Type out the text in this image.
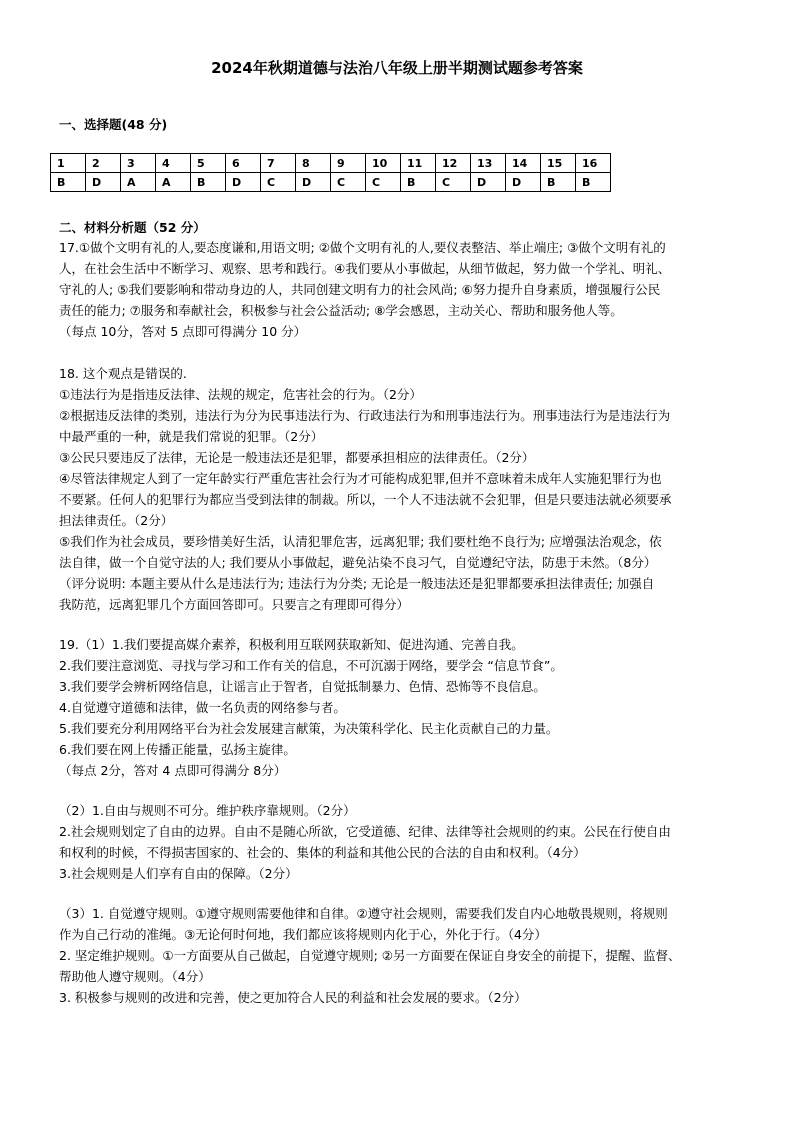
2024年秋期道德与法治八年级上册半期测试题参考答案
一、选择题(48 分)
1	2	3	4	5	6	7	8	9	10	11	12	13	14	15	16
B	D	A	A	B	D	C	D	C	C	B	C	D	D	B	B
二、材料分析题（52 分）
17.①做个文明有礼的人,要态度谦和,用语文明; ②做个文明有礼的人,要仪表整洁、举止端庄; ③做个文明有礼的
人，在社会生活中不断学习、观察、思考和践行。④我们要从小事做起，从细节做起，努力做一个学礼、明礼、
守礼的人; ⑤我们要影响和带动身边的人，共同创建文明有力的社会风尚; ⑥努力提升自身素质，增强履行公民
责任的能力; ⑦服务和奉献社会，积极参与社会公益活动; ⑧学会感恩，主动关心、帮助和服务他人等。
（每点 10分，答对 5 点即可得满分 10 分）
18. 这个观点是错误的.
①违法行为是指违反法律、法规的规定，危害社会的行为。（2分）
②根据违反法律的类别，违法行为分为民事违法行为、行政违法行为和刑事违法行为。刑事违法行为是违法行为
中最严重的一种，就是我们常说的犯罪。（2分）
③公民只要违反了法律，无论是一般违法还是犯罪，都要承担相应的法律责任。（2分）
④尽管法律规定人到了一定年龄实行严重危害社会行为才可能构成犯罪,但并不意味着未成年人实施犯罪行为也
不要紧。任何人的犯罪行为都应当受到法律的制裁。所以，一个人不违法就不会犯罪，但是只要违法就必须要承
担法律责任。（2分）
⑤我们作为社会成员，要珍惜美好生活，认清犯罪危害，远离犯罪; 我们要杜绝不良行为; 应增强法治观念，依
法自律，做一个自觉守法的人; 我们要从小事做起，避免沾染不良习气，自觉遵纪守法，防患于未然。（8分）
（评分说明: 本题主要从什么是违法行为; 违法行为分类; 无论是一般违法还是犯罪都要承担法律责任; 加强自
我防范，远离犯罪几个方面回答即可。只要言之有理即可得分）
19.（1）1.我们要提高媒介素养，积极利用互联网获取新知、促进沟通、完善自我。
2.我们要注意浏览、寻找与学习和工作有关的信息，不可沉溺于网络，要学会 “信息节食”。
3.我们要学会辨析网络信息，让谣言止于智者，自觉抵制暴力、色情、恐怖等不良信息。
4.自觉遵守道德和法律，做一名负责的网络参与者。
5.我们要充分利用网络平台为社会发展建言献策，为决策科学化、民主化贡献自己的力量。
6.我们要在网上传播正能量，弘扬主旋律。
（每点 2分，答对 4 点即可得满分 8分）
（2）1.自由与规则不可分。维护秩序靠规则。（2分）
2.社会规则划定了自由的边界。自由不是随心所欲，它受道德、纪律、法律等社会规则的约束。公民在行使自由
和权利的时候，不得损害国家的、社会的、集体的利益和其他公民的合法的自由和权利。（4分）
3.社会规则是人们享有自由的保障。（2分）
（3）1. 自觉遵守规则。①遵守规则需要他律和自律。②遵守社会规则，需要我们发自内心地敬畏规则，将规则
作为自己行动的准绳。③无论何时何地，我们都应该将规则内化于心，外化于行。（4分）
2. 坚定维护规则。①一方面要从自己做起，自觉遵守规则; ②另一方面要在保证自身安全的前提下，提醒、监督、
帮助他人遵守规则。（4分）
3. 积极参与规则的改进和完善，使之更加符合人民的利益和社会发展的要求。（2分）
